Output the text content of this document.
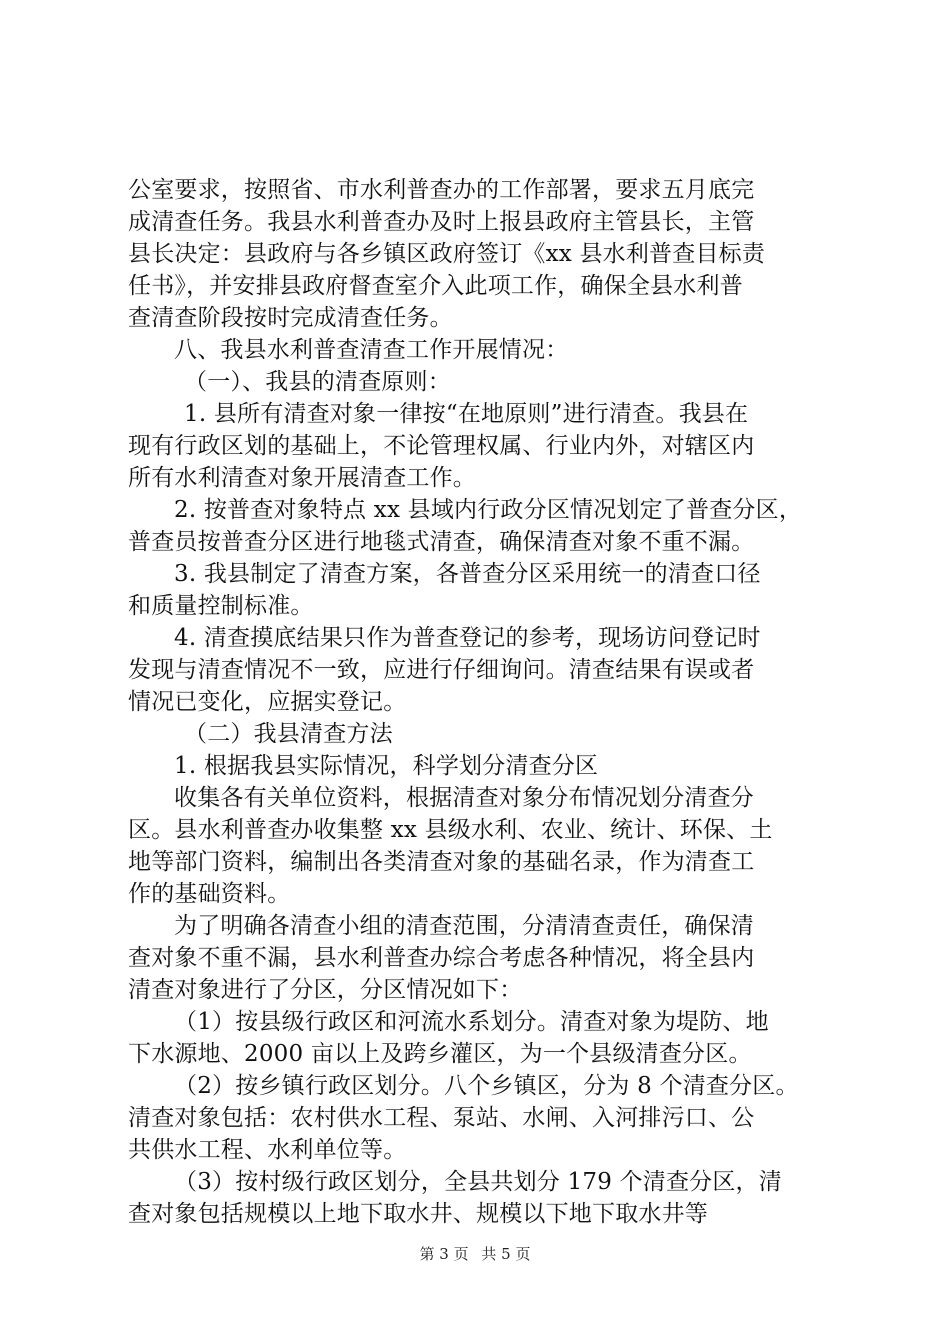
公室要求，按照省、市水利普查办的工作部署，要求五月底完
成清查任务。我县水利普查办及时上报县政府主管县长，主管
县长决定：县政府与各乡镇区政府签订《xx 县水利普查目标责
任书》，并安排县政府督查室介入此项工作，确保全县水利普
查清查阶段按时完成清查任务。
八、我县水利普查清查工作开展情况：
（一）、我县的清查原则：
1. 县所有清查对象一律按“在地原则”进行清查。我县在
现有行政区划的基础上，不论管理权属、行业内外，对辖区内
所有水利清查对象开展清查工作。
2. 按普查对象特点 xx 县域内行政分区情况划定了普查分区，
普查员按普查分区进行地毯式清查，确保清查对象不重不漏。
3. 我县制定了清查方案，各普查分区采用统一的清查口径
和质量控制标准。
4. 清查摸底结果只作为普查登记的参考，现场访问登记时
发现与清查情况不一致，应进行仔细询问。清查结果有误或者
情况已变化，应据实登记。
（二）我县清查方法
1. 根据我县实际情况，科学划分清查分区
收集各有关单位资料，根据清查对象分布情况划分清查分
区。县水利普查办收集整 xx 县级水利、农业、统计、环保、土
地等部门资料，编制出各类清查对象的基础名录，作为清查工
作的基础资料。
为了明确各清查小组的清查范围，分清清查责任，确保清
查对象不重不漏，县水利普查办综合考虑各种情况，将全县内
清查对象进行了分区，分区情况如下：
（1）按县级行政区和河流水系划分。清查对象为堤防、地
下水源地、2000 亩以上及跨乡灌区，为一个县级清查分区。
（2）按乡镇行政区划分。八个乡镇区，分为 8 个清查分区。
清查对象包括：农村供水工程、泵站、水闸、入河排污口、公
共供水工程、水利单位等。
（3）按村级行政区划分，全县共划分 179 个清查分区，清
查对象包括规模以上地下取水井、规模以下地下取水井等
第 3 页 共 5 页
